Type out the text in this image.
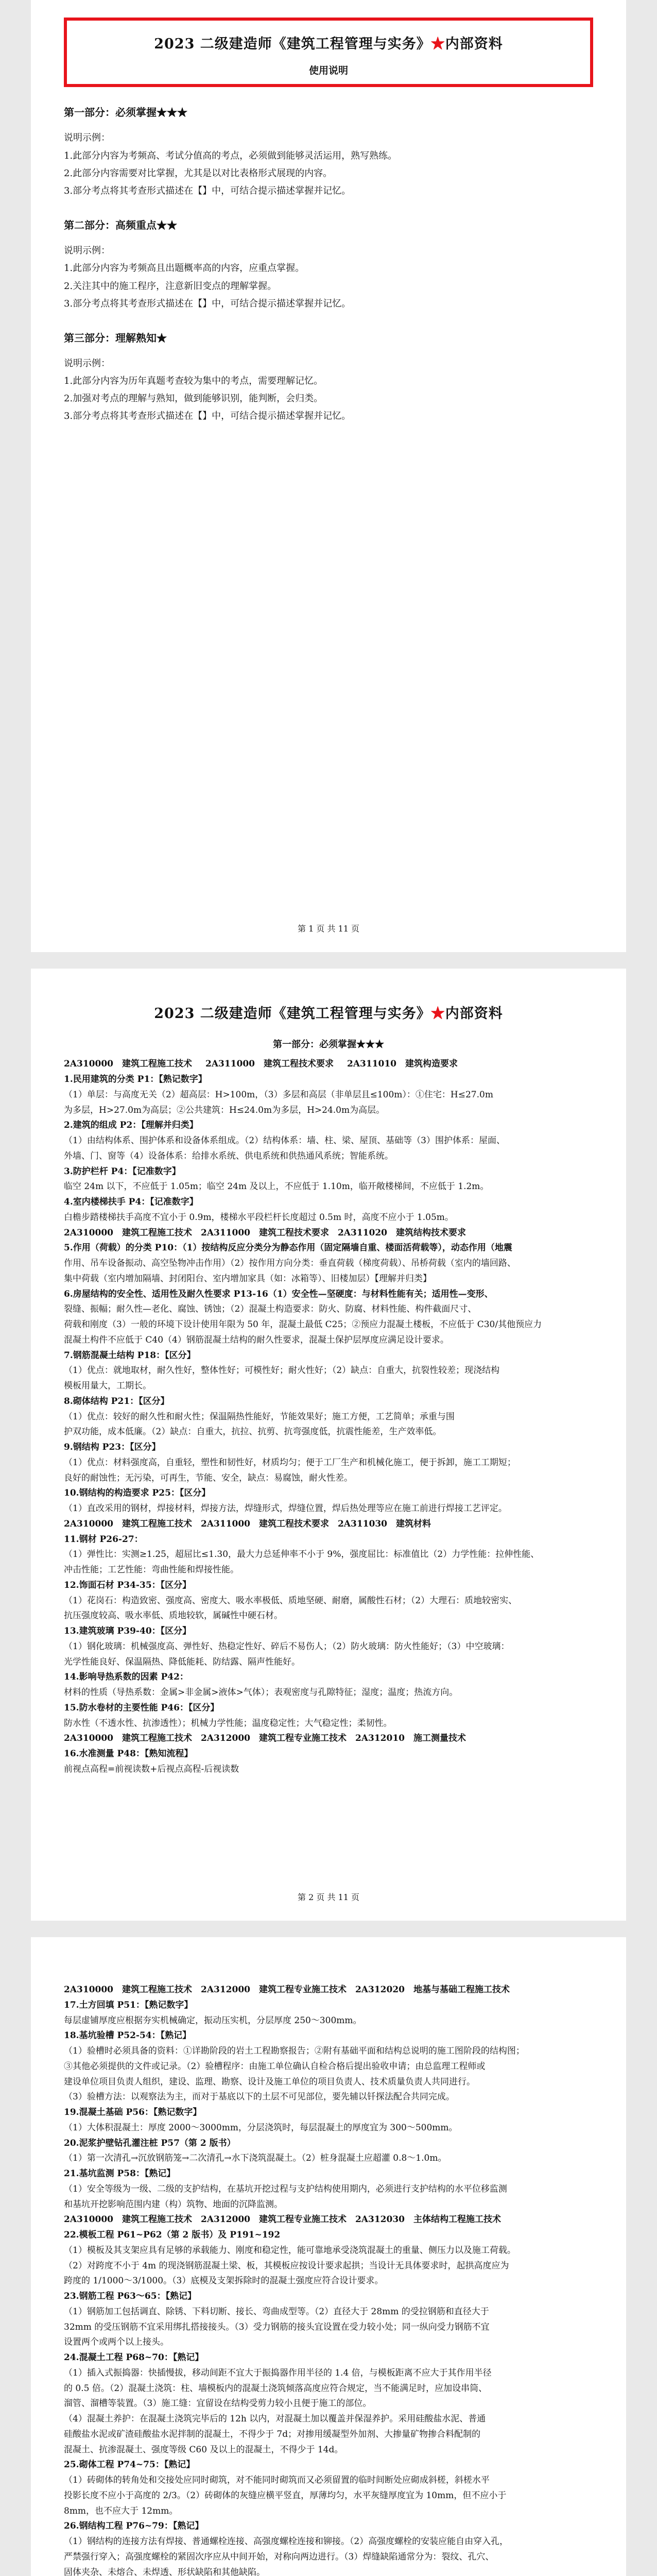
2023 二级建造师《建筑工程管理与实务》★内部资料
使用说明
第一部分：必须掌握★★★

说明示例：

1.此部分内容为考频高、考试分值高的考点，必须做到能够灵活运用，熟写熟练。

2.此部分内容需要对比掌握，尤其是以对比表格形式展现的内容。

3.部分考点将其考查形式描述在【】中，可结合提示描述掌握并记忆。

第二部分：高频重点★★

说明示例：

1.此部分内容为考频高且出题概率高的内容，应重点掌握。

2.关注其中的施工程序，注意新旧变点的理解掌握。

3.部分考点将其考查形式描述在【】中，可结合提示描述掌握并记忆。

第三部分：理解熟知★

说明示例：

1.此部分内容为历年真题考查较为集中的考点，需要理解记忆。

2.加强对考点的理解与熟知，做到能够识别，能判断，会归类。

3.部分考点将其考查形式描述在【】中，可结合提示描述掌握并记忆。

第 1 页 共 11 页
2023 二级建造师《建筑工程管理与实务》★内部资料
第一部分：必须掌握★★★
2A310000　建筑工程施工技术 2A311000　建筑工程技术要求 2A311010　建筑构造要求

1.民用建筑的分类 P1：【熟记数字】

（1）单层：与高度无关（2）超高层：H>100m，（3）多层和高层（非单层且≤100m）：①住宅：H≤27.0m

为多层，H>27.0m为高层；②公共建筑：H≤24.0m为多层，H>24.0m为高层。

2.建筑的组成 P2：【理解并归类】

（1）由结构体系、围护体系和设备体系组成。（2）结构体系：墙、柱、梁、屋顶、基础等（3）围护体系：屋面、

外墙、门、窗等（4）设备体系：给排水系统、供电系统和供热通风系统；智能系统。

3.防护栏杆 P4：【记准数字】

临空 24m 以下，不应低于 1.05m；临空 24m 及以上，不应低于 1.10m，临开敞楼梯间，不应低于 1.2m。

4.室内楼梯扶手 P4：【记准数字】

白檐步踏楼梯扶手高度不宜小于 0.9m，楼梯水平段栏杆长度超过 0.5m 时，高度不应小于 1.05m。

2A310000　建筑工程施工技术　2A311000　建筑工程技术要求　2A311020　建筑结构技术要求

5.作用（荷载）的分类 P10：（1）按结构反应分类分为静态作用（固定隔墙自重、楼面活荷载等），动态作用（地震

作用、吊车设备振动、高空坠物冲击作用）（2）按作用方向分类：垂直荷载（梯度荷载）、吊桥荷载（室内的墙回路、

集中荷载（室内增加隔墙、封闭阳台、室内增加家具（如：冰箱等）、旧楼加层）【理解并归类】

6.房屋结构的安全性、适用性及耐久性要求 P13-16（1）安全性—坚硬度：与材料性能有关；适用性—变形、

裂缝、振幅；耐久性—老化、腐蚀、锈蚀；（2）混凝土构造要求：防火、防腐、材料性能、构件截面尺寸、

荷载和刚度（3）一般的环境下设计使用年限为 50 年，混凝土最低 C25；②预应力混凝土楼板，不应低于 C30/其他预应力

混凝土构件不应低于 C40（4）钢筋混凝土结构的耐久性要求，混凝土保护层厚度应满足设计要求。

7.钢筋混凝土结构 P18：【区分】

（1）优点：就地取材，耐久性好，整体性好；可模性好；耐火性好；（2）缺点：自重大，抗裂性较差；现浇结构

模板用量大，工期长。

8.砌体结构 P21：【区分】

（1）优点：较好的耐久性和耐火性；保温隔热性能好，节能效果好；施工方便，工艺简单；承重与围

护双功能，成本低廉。（2）缺点：自重大，抗拉、抗剪、抗弯强度低，抗震性能差，生产效率低。

9.钢结构 P23：【区分】

（1）优点：材料强度高，自重轻，塑性和韧性好，材质均匀；便于工厂生产和机械化施工，便于拆卸，施工工期短；

良好的耐蚀性；无污染，可再生，节能、安全，缺点：易腐蚀，耐火性差。

10.钢结构的构造要求 P25：【区分】

（1）直改采用的钢材，焊接材料，焊接方法，焊缝形式，焊缝位置，焊后热处理等应在施工前进行焊接工艺评定。

2A310000　建筑工程施工技术　2A311000　建筑工程技术要求　2A311030　建筑材料

11.钢材 P26-27：

（1）弹性比：实测≥1.25，超屈比≤1.30，最大力总延伸率不小于 9%，强度屈比：标准值比（2）力学性能：拉伸性能、

冲击性能；工艺性能：弯曲性能和焊接性能。

12.饰面石材 P34-35：【区分】

（1）花岗石：构造致密、强度高、密度大、吸水率极低、质地坚硬、耐磨，属酸性石材；（2）大理石：质地较密实、

抗压强度较高、吸水率低、质地较软，属碱性中硬石材。

13.建筑玻璃 P39-40：【区分】

（1）钢化玻璃：机械强度高、弹性好、热稳定性好、碎后不易伤人；（2）防火玻璃：防火性能好；（3）中空玻璃：

光学性能良好、保温隔热、降低能耗、防结露、隔声性能好。

14.影响导热系数的因素 P42：

材料的性质（导热系数：金属>非金属>液体>气体）；表观密度与孔隙特征；湿度；温度；热流方向。

15.防水卷材的主要性能 P46：【区分】

防水性（不透水性、抗渗透性）；机械力学性能；温度稳定性；大气稳定性；柔韧性。

2A310000　建筑工程施工技术　2A312000　建筑工程专业施工技术　2A312010　施工测量技术

16.水准测量 P48：【熟知流程】

前视点高程=前视读数+后视点高程-后视读数

第 2 页 共 11 页
2A310000　建筑工程施工技术　2A312000　建筑工程专业施工技术　2A312020　地基与基础工程施工技术

17.土方回填 P51：【熟记数字】

每层虚铺厚度应根据夯实机械确定，振动压实机，分层厚度 250～300mm。

18.基坑验槽 P52-54：【熟记】

（1）验槽时必须具备的资料：①详勘阶段的岩土工程勘察报告；②附有基础平面和结构总说明的施工图阶段的结构图；

③其他必须提供的文件或记录。（2）验槽程序：由施工单位确认自检合格后提出验收申请；由总监理工程师或

建设单位项目负责人组织，建设、监理、勘察、设计及施工单位的项目负责人、技术质量负责人共同进行。

（3）验槽方法：以观察法为主，而对于基底以下的土层不可见部位，要先辅以钎探法配合共同完成。

19.混凝土基础 P56：【熟记数字】

（1）大体积混凝土：厚度 2000～3000mm，分层浇筑时，每层混凝土的厚度宜为 300～500mm。

20.泥浆护壁钻孔灌注桩 P57（第 2 版书）

（1）第一次清孔→沉放钢筋笼→二次清孔→水下浇筑混凝土。（2）桩身混凝土应超灌 0.8～1.0m。

21.基坑监测 P58：【熟记】

（1）安全等级为一级、二级的支护结构，在基坑开挖过程与支护结构使用期内，必须进行支护结构的水平位移监测

和基坑开挖影响范围内建（构）筑物、地面的沉降监测。

2A310000　建筑工程施工技术　2A312000　建筑工程专业施工技术　2A312030　主体结构工程施工技术

22.模板工程 P61~P62（第 2 版书）及 P191~192

（1）模板及其支架应具有足够的承载能力、刚度和稳定性，能可靠地承受浇筑混凝土的重量、侧压力以及施工荷载。

（2）对跨度不小于 4m 的现浇钢筋混凝土梁、板，其模板应按设计要求起拱；当设计无具体要求时，起拱高度应为

跨度的 1/1000～3/1000。（3）底模及支架拆除时的混凝土强度应符合设计要求。

23.钢筋工程 P63～65：【熟记】

（1）钢筋加工包括调直、除锈、下料切断、接长、弯曲成型等。（2）直径大于 28mm 的受拉钢筋和直径大于

32mm 的受压钢筋不宜采用绑扎搭接接头。（3）受力钢筋的接头宜设置在受力较小处；同一纵向受力钢筋不宜

设置两个或两个以上接头。

24.混凝土工程 P68~70：【熟记】

（1）插入式振捣器：快插慢拔，移动间距不宜大于振捣器作用半径的 1.4 倍，与模板距离不应大于其作用半径

的 0.5 倍。（2）混凝土浇筑：柱、墙模板内的混凝土浇筑倾落高度应符合规定，当不能满足时，应加设串筒、

溜管、溜槽等装置。（3）施工缝：宜留设在结构受剪力较小且便于施工的部位。

（4）混凝土养护：在混凝土浇筑完毕后的 12h 以内，对混凝土加以覆盖并保湿养护。采用硅酸盐水泥、普通

硅酸盐水泥或矿渣硅酸盐水泥拌制的混凝土，不得少于 7d；对掺用缓凝型外加剂、大掺量矿物掺合料配制的

混凝土、抗渗混凝土、强度等级 C60 及以上的混凝土，不得少于 14d。

25.砌体工程 P74~75：【熟记】

（1）砖砌体的转角处和交接处应同时砌筑，对不能同时砌筑而又必须留置的临时间断处应砌成斜槎，斜槎水平

投影长度不应小于高度的 2/3。（2）砖砌体的灰缝应横平竖直，厚薄均匀，水平灰缝厚度宜为 10mm，但不应小于

8mm，也不应大于 12mm。

26.钢结构工程 P76~79：【熟记】

（1）钢结构的连接方法有焊接、普通螺栓连接、高强度螺栓连接和铆接。（2）高强度螺栓的安装应能自由穿入孔，

严禁强行穿入；高强度螺栓的紧固次序应从中间开始，对称向两边进行。（3）焊缝缺陷通常分为：裂纹、孔穴、

固体夹杂、未熔合、未焊透、形状缺陷和其他缺陷。
